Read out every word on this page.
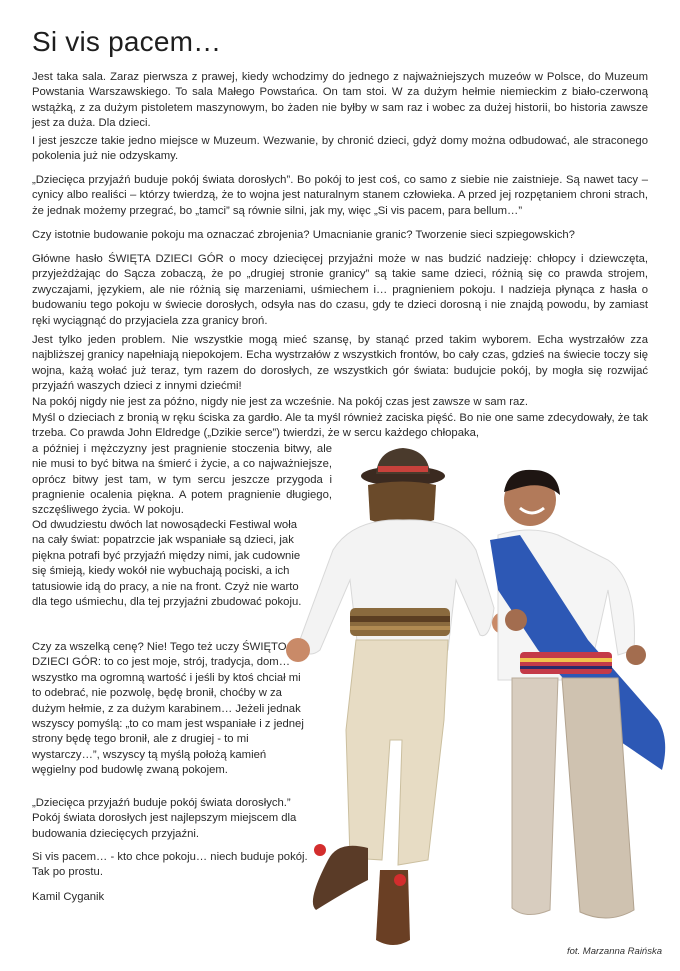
Si vis pacem…

Jest taka sala. Zaraz pierwsza z prawej, kiedy wchodzimy do jednego z najważniejszych muzeów w Polsce, do Muzeum Powstania Warszawskiego. To sala Małego Powstańca. On tam stoi. W za dużym hełmie niemieckim z biało-czerwoną wstążką, z za dużym pistoletem maszynowym, bo żaden nie byłby w sam raz i wobec za dużej historii, bo historia zawsze jest za duża. Dla dzieci.

I jest jeszcze takie jedno miejsce w Muzeum. Wezwanie, by chronić dzieci, gdyż domy można odbudować, ale straconego pokolenia już nie odzyskamy.

„Dziecięca przyjaźń buduje pokój świata dorosłych”. Bo pokój to jest coś, co samo z siebie nie zaistnieje. Są nawet tacy – cynicy albo realiści – którzy twierdzą, że to wojna jest naturalnym stanem człowieka. A przed jej rozpętaniem chroni strach, że jednak możemy przegrać, bo „tamci” są równie silni, jak my, więc „Si vis pacem, para bellum…”

Czy istotnie budowanie pokoju ma oznaczać zbrojenia? Umacnianie granic? Tworzenie sieci szpiegowskich?

Główne hasło ŚWIĘTA DZIECI GÓR o mocy dziecięcej przyjaźni może w nas budzić nadzieję: chłopcy i dziewczęta, przyjeżdżając do Sącza zobaczą, że po „drugiej stronie granicy” są takie same dzieci, różnią się co prawda strojem, zwyczajami, językiem, ale nie różnią się marzeniami, uśmiechem i… pragnieniem pokoju. I nadzieja płynąca z hasła o budowaniu tego pokoju w świecie dorosłych, odsyła nas do czasu, gdy te dzieci dorosną i nie znajdą powodu, by zamiast ręki wyciągnąć do przyjaciela zza granicy broń.

Jest tylko jeden problem. Nie wszystkie mogą mieć szansę, by stanąć przed takim wyborem. Echa wystrzałów zza najbliższej granicy napełniają niepokojem. Echa wystrzałów z wszystkich frontów, bo cały czas, gdzieś na świecie toczy się wojna, każą wołać już teraz, tym razem do dorosłych, ze wszystkich gór świata: budujcie pokój, by mogła się rozwijać przyjaźń waszych dzieci z innymi dziećmi!
Na pokój nigdy nie jest za późno, nigdy nie jest za wcześnie. Na pokój czas jest zawsze w sam raz.

Myśl o dzieciach z bronią w ręku ściska za gardło. Ale ta myśl również zaciska pięść. Bo nie one same zdecydowały, że tak trzeba. Co prawda John Eldredge („Dzikie serce”) twierdzi, że w sercu każdego chłopaka,
a później i mężczyzny jest pragnienie stoczenia bitwy, ale nie musi to być bitwa na śmierć i życie, a co najważniejsze, oprócz bitwy jest tam, w tym sercu jeszcze przygoda i pragnienie ocalenia piękna. A potem pragnienie długiego, szczęśliwego życia. W pokoju.

Od dwudziestu dwóch lat nowosądecki Festiwal woła na cały świat: popatrzcie jak wspaniałe są dzieci, jak piękna potrafi być przyjaźń między nimi, jak cudownie się śmieją, kiedy wokół nie wybuchają pociski, a ich tatusiowie idą do pracy, a nie na front. Czyż nie warto dla tego uśmiechu, dla tej przyjaźni zbudować pokoju.

Czy za wszelką cenę? Nie! Tego też uczy ŚWIĘTO DZIECI GÓR: to co jest moje, strój, tradycja, dom… wszystko ma ogromną wartość i jeśli by ktoś chciał mi to odebrać, nie pozwolę, będę bronił, choćby w za dużym hełmie, z za dużym karabinem… Jeżeli jednak wszyscy pomyślą: „to co mam jest wspaniałe i z jednej strony będę tego bronił, ale z drugiej - to mi wystarczy…”, wszyscy tą myślą położą kamień węgielny pod budowlę zwaną pokojem.

„Dziecięca przyjaźń buduje pokój świata dorosłych.” Pokój świata dorosłych jest najlepszym miejscem dla budowania dziecięcych przyjaźni.

Si vis pacem… - kto chce pokoju… niech buduje pokój. Tak po prostu.

Kamil Cyganik
fot. Marzanna Raińska
